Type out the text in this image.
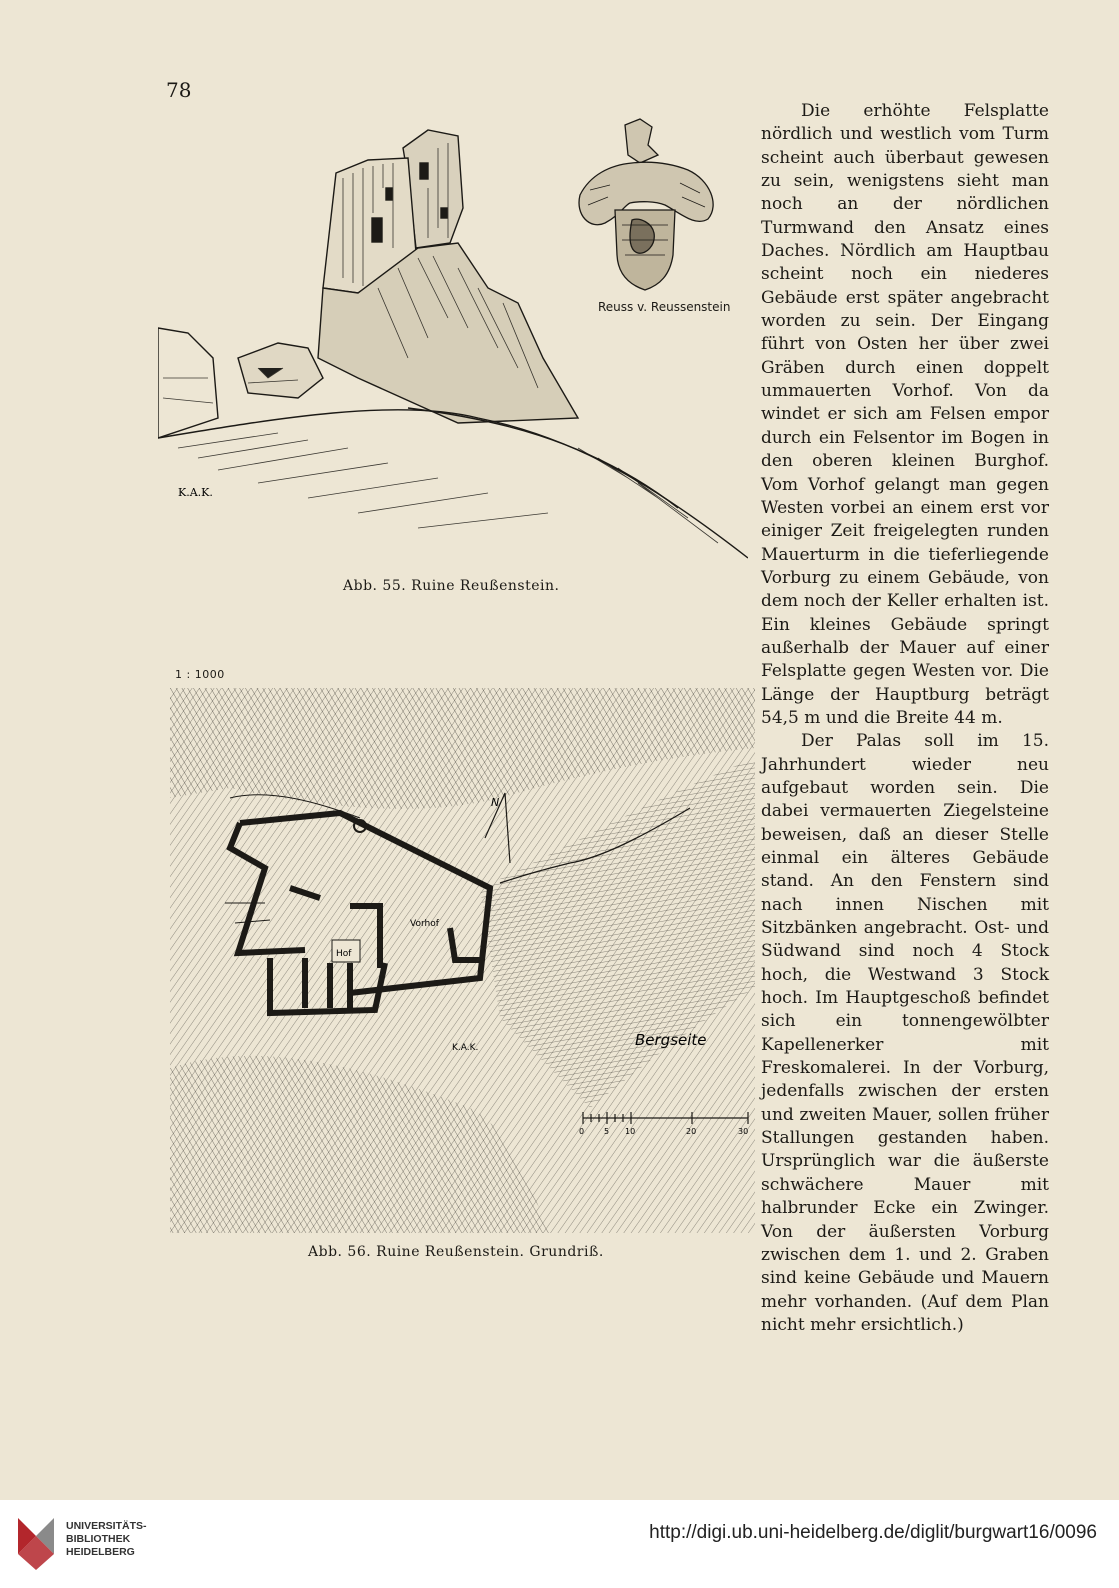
78
K.A.K.
Reuss v. Reussenstein
Abb. 55. Ruine Reußenstein.
1 : 1000
Hof
Vorhof
N
K.A.K.	Bergseite
0 5 10	20	30
Abb. 56. Ruine Reußenstein. Grundriß.

Die erhöhte Felsplatte nördlich und westlich vom Turm scheint auch überbaut gewesen zu sein, wenigstens sieht man noch an der nördlichen Turmwand den Ansatz eines Daches. Nördlich am Hauptbau scheint noch ein niederes Gebäude erst später angebracht worden zu sein. Der Eingang führt von Osten her über zwei Gräben durch einen doppelt ummauerten Vorhof. Von da windet er sich am Felsen empor durch ein Felsentor im Bogen in den oberen kleinen Burghof. Vom Vorhof gelangt man gegen Westen vorbei an einem erst vor einiger Zeit freigelegten runden Mauerturm in die tieferliegende Vorburg zu einem Gebäude, von dem noch der Keller erhalten ist. Ein kleines Gebäude springt außerhalb der Mauer auf einer Felsplatte gegen Westen vor. Die Länge der Hauptburg beträgt 54,5 m und die Breite 44 m.

Der Palas soll im 15. Jahrhundert wieder neu aufgebaut worden sein. Die dabei vermauerten Ziegelsteine beweisen, daß an dieser Stelle einmal ein älteres Gebäude stand. An den Fenstern sind nach innen Nischen mit Sitzbänken angebracht. Ost- und Südwand sind noch 4 Stock hoch, die Westwand 3 Stock hoch. Im Hauptgeschoß befindet sich ein tonnengewölbter Kapellenerker mit Freskomalerei. In der Vorburg, jedenfalls zwischen der ersten und zweiten Mauer, sollen früher Stallungen gestanden haben. Ursprünglich war die äußerste schwächere Mauer mit halbrunder Ecke ein Zwinger. Von der äußersten Vorburg zwischen dem 1. und 2. Graben sind keine Gebäude und Mauern mehr vorhanden. (Auf dem Plan nicht mehr ersichtlich.)

UNIVERSITÄTS-
BIBLIOTHEK
HEIDELBERG
http://digi.ub.uni-heidelberg.de/diglit/burgwart16/0096
